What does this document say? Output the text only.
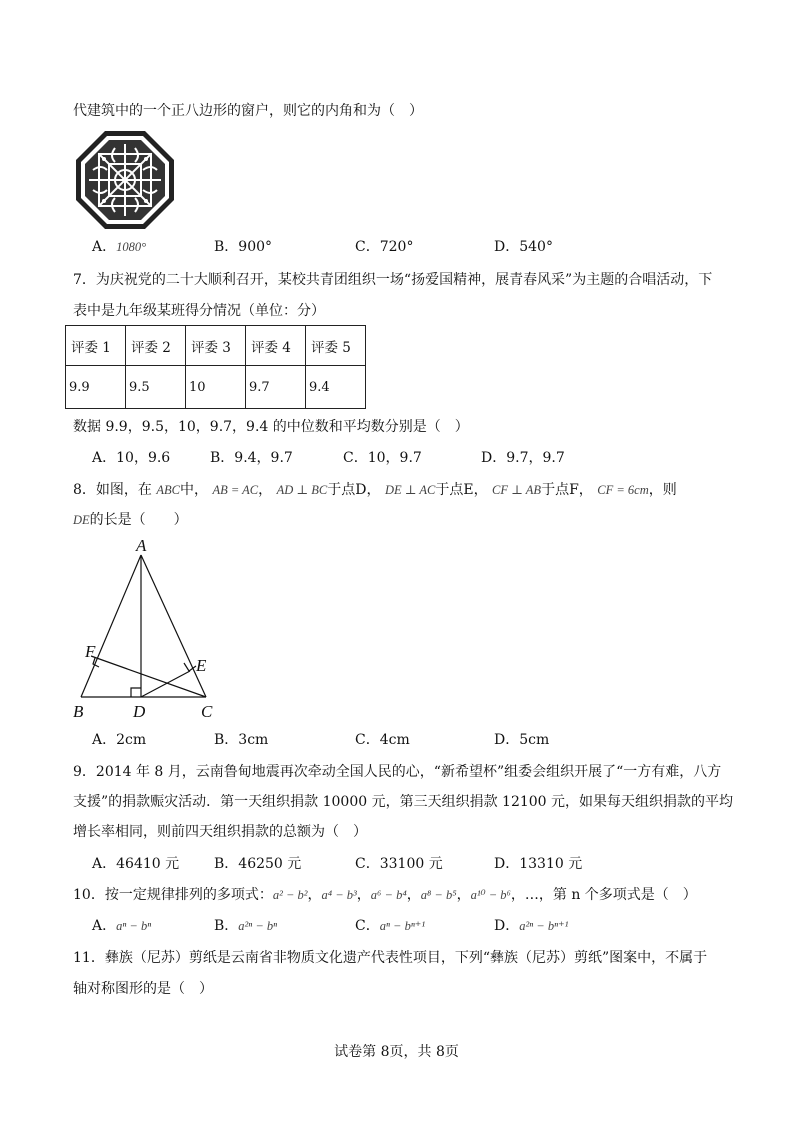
代建筑中的一个正八边形的窗户，则它的内角和为（　）
A．1080°	B．900°	C．720°	D．540°
7．为庆祝党的二十大顺利召开，某校共青团组织一场“扬爱国精神，展青春风采”为主题的合唱活动，下
表中是九年级某班得分情况（单位：分）
评委 1	评委 2	评委 3	评委 4	评委 5
9.9	9.5	10	9.7	9.4
数据 9.9，9.5，10，9.7，9.4 的中位数和平均数分别是（　）
A．10，9.6	B．9.4，9.7	C．10，9.7	D．9.7，9.7
8．如图，在 ABC中， AB = AC， AD ⊥ BC于点D， DE ⊥ AC于点E， CF ⊥ AB于点F， CF = 6cm，则
DE的长是（　　）
A
B	C
D
E
F
A．2cm	B．3cm	C．4cm	D．5cm
9．2014 年 8 月，云南鲁甸地震再次牵动全国人民的心，“新希望杯”组委会组织开展了“一方有难，八方
支援”的捐款赈灾活动．第一天组织捐款 10000 元，第三天组织捐款 12100 元，如果每天组织捐款的平均
增长率相同，则前四天组织捐款的总额为（　）
A．46410 元 B．46250 元	C．33100 元	D．13310 元
10．按一定规律排列的多项式：a² − b²，a⁴ − b³，a⁶ − b⁴，a⁸ − b⁵，a¹⁰ − b⁶，…，第 n 个多项式是（　）
A．aⁿ − bⁿ	B．a²ⁿ − bⁿ	C．aⁿ − bⁿ⁺¹	D．a²ⁿ − bⁿ⁺¹
11．彝族（尼苏）剪纸是云南省非物质文化遗产代表性项目，下列“彝族（尼苏）剪纸”图案中，不属于
轴对称图形的是（　）
试卷第 8页，共 8页
